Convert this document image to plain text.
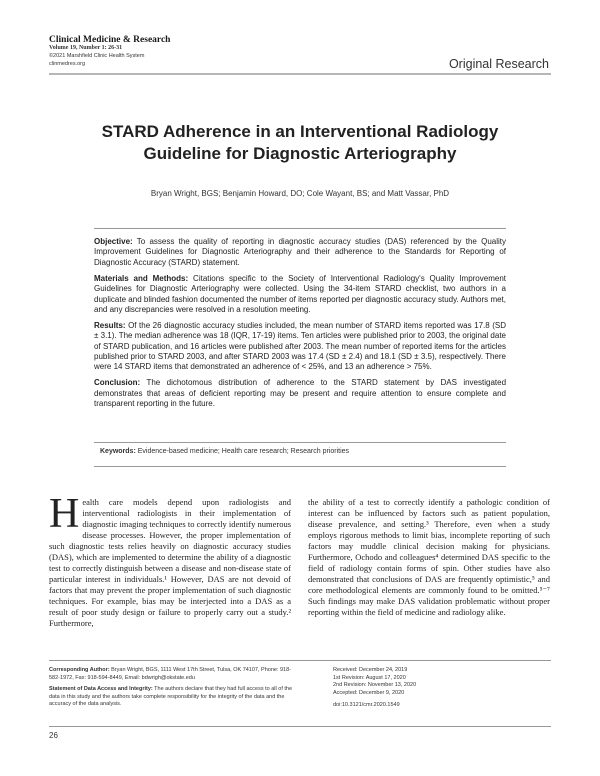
Clinical Medicine & Research
Volume 19, Number 1: 26-31
©2021 Marshfield Clinic Health System
clinmedres.org	Original Research
STARD Adherence in an Interventional Radiology
Guideline for Diagnostic Arteriography
Bryan Wright, BGS; Benjamin Howard, DO; Cole Wayant, BS; and Matt Vassar, PhD

Objective: To assess the quality of reporting in diagnostic accuracy studies (DAS) referenced by the Quality Improvement Guidelines for Diagnostic Arteriography and their adherence to the Standards for Reporting of Diagnostic Accuracy (STARD) statement.

Materials and Methods: Citations specific to the Society of Interventional Radiology's Quality Improvement Guidelines for Diagnostic Arteriography were collected. Using the 34-item STARD checklist, two authors in a duplicate and blinded fashion documented the number of items reported per diagnostic accuracy study. Authors met, and any discrepancies were resolved in a resolution meeting.

Results: Of the 26 diagnostic accuracy studies included, the mean number of STARD items reported was 17.8 (SD ± 3.1). The median adherence was 18 (IQR, 17-19) items. Ten articles were published prior to 2003, the original date of STARD publication, and 16 articles were published after 2003. The mean number of reported items for the articles published prior to STARD 2003, and after STARD 2003 was 17.4 (SD ± 2.4) and 18.1 (SD ± 3.5), respectively. There were 14 STARD items that demonstrated an adherence of < 25%, and 13 an adherence > 75%.

Conclusion: The dichotomous distribution of adherence to the STARD statement by DAS investigated demonstrates that areas of deficient reporting may be present and require attention to ensure complete and transparent reporting in the future.

Keywords: Evidence-based medicine; Health care research; Research priorities

Health care models depend upon radiologists and interventional radiologists in their implementation of diagnostic imaging techniques to correctly identify numerous disease processes. However, the proper implementation of such diagnostic tests relies heavily on diagnostic accuracy studies (DAS), which are implemented to determine the ability of a diagnostic test to correctly distinguish between a disease and non-disease state of particular interest in individuals.¹ However, DAS are not devoid of factors that may prevent the proper implementation of such diagnostic techniques. For example, bias may be interjected into a DAS as a result of poor study design or failure to properly carry out a study.² Furthermore,

the ability of a test to correctly identify a pathologic condition of interest can be influenced by factors such as patient population, disease prevalence, and setting.³ Therefore, even when a study employs rigorous methods to limit bias, incomplete reporting of such factors may muddle clinical decision making for physicians. Furthermore, Ochodo and colleagues⁴ determined DAS specific to the field of radiology contain forms of spin. Other studies have also demonstrated that conclusions of DAS are frequently optimistic,⁵ and core methodological elements are commonly found to be omitted.⁵⁻⁷ Such findings may make DAS validation problematic without proper reporting within the field of medicine and radiology alike.

Corresponding Author: Bryan Wright, BGS, 1111 West 17th Street, Tulsa, OK 74107, Phone: 918-582-1972, Fax: 918-594-8449, Email: bdwrigh@okstate.edu
Statement of Data Access and Integrity: The authors declare that they had full access to all of the data in this study and the authors take complete responsibility for the integrity of the data and the accuracy of the data analysis.
Received: December 24, 2019
1st Revision: August 17, 2020
2nd Revision: November 13, 2020
Accepted: December 9, 2020
doi:10.3121/cmr.2020.1549
26
